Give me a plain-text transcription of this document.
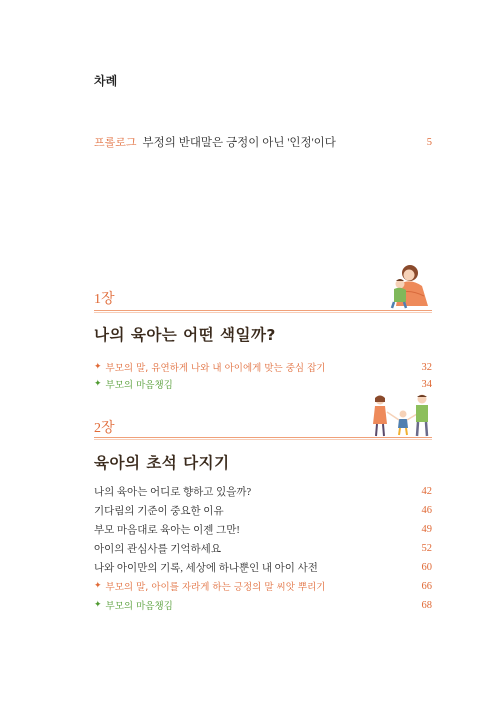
차례
프롤로그 부정의 반대말은 긍정이 아닌 '인정'이다	5
1장
나의 육아는 어떤 색일까?
✦ 부모의 말, 유연하게 나와 내 아이에게 맞는 중심 잡기	32
✦ 부모의 마음챙김	34
2장
육아의 초석 다지기
나의 육아는 어디로 향하고 있을까?	42
기다림의 기준이 중요한 이유	46
부모 마음대로 육아는 이젠 그만!	49
아이의 관심사를 기억하세요	52
나와 아이만의 기록, 세상에 하나뿐인 내 아이 사전	60
✦ 부모의 말, 아이를 자라게 하는 긍정의 말 씨앗 뿌리기	66
✦ 부모의 마음챙김	68
